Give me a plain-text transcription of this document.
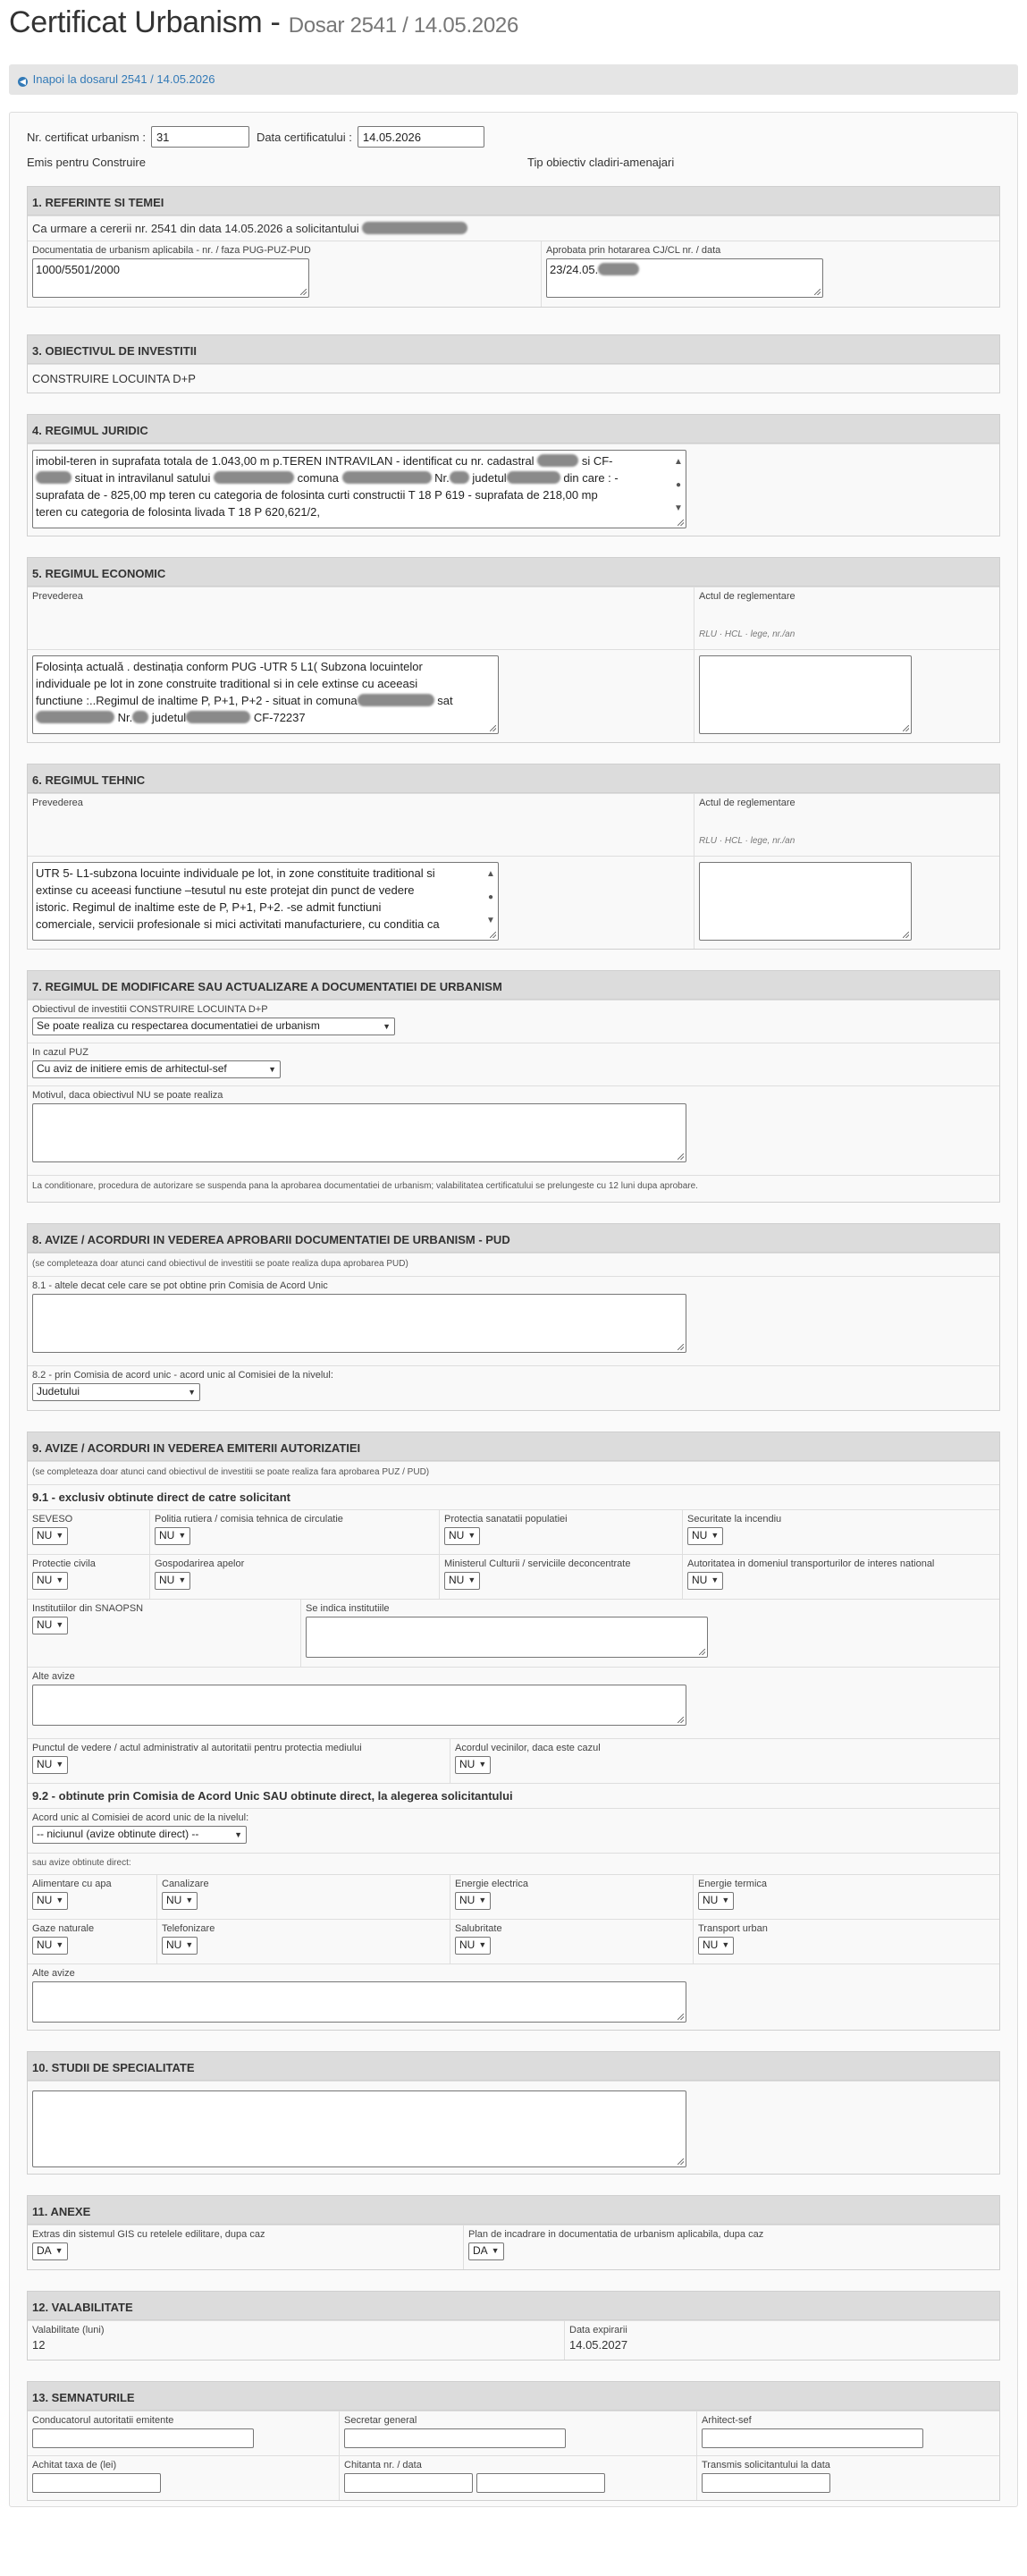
Certificat Urbanism - Dosar 2541 / 14.05.2026
◀ Inapoi la dosarul 2541 / 14.05.2026
Nr. certificat urbanism :
31	Data certificatului :
14.05.2026
Emis pentru Construire	Tip obiectiv cladiri-amenajari
1. REFERINTE SI TEMEI
Ca urmare a cererii nr. 2541 din data 14.05.2026 a solicitantului
Documentatia de urbanism aplicabila - nr. / faza PUG-PUZ-PUD
1000/5501/2000
Aprobata prin hotararea CJ/CL nr. / data
23/24.05.
3. OBIECTIVUL DE INVESTITII
CONSTRUIRE LOCUINTA D+P
4. REGIMUL JURIDIC
imobil-teren in suprafata totala de 1.043,00 m p.TEREN INTRAVILAN - identificat cu nr. cadastral	si CF-
situat in intravilanul satului	comuna	Nr. judetul	din care : -
suprafata de - 825,00 mp teren cu categoria de folosinta curti constructii T 18 P 619 - suprafata de 218,00 mp
teren cu categoria de folosinta livada T 18 P 620,621/2,
▲
●
▼
5. REGIMUL ECONOMIC
Prevederea	Actul de reglementare
RLU · HCL · lege, nr./an
Folosința actuală . destinația conform PUG -UTR 5 L1( Subzona locuintelor
individuale pe lot in zone construite traditional si in cele extinse cu aceeasi
functiune :..Regimul de inaltime P, P+1, P+2 - situat in comuna	sat
Nr. judetul	CF-72237
6. REGIMUL TEHNIC
Prevederea	Actul de reglementare
RLU · HCL · lege, nr./an
UTR 5- L1-subzona locuinte individuale pe lot, in zone constituite traditional si
extinse cu aceeasi functiune –tesutul nu este protejat din punct de vedere
istoric. Regimul de inaltime este de P, P+1, P+2. -se admit functiuni
comerciale, servicii profesionale si mici activitati manufacturiere, cu conditia ca
▲
●
▼
7. REGIMUL DE MODIFICARE SAU ACTUALIZARE A DOCUMENTATIEI DE URBANISM
Obiectivul de investitii CONSTRUIRE LOCUINTA D+P
Se poate realiza cu respectarea documentatiei de urbanism	▼
In cazul PUZ
Cu aviz de initiere emis de arhitectul-sef	▼
Motivul, daca obiectivul NU se poate realiza
La conditionare, procedura de autorizare se suspenda pana la aprobarea documentatiei de urbanism; valabilitatea certificatului se prelungeste cu 12 luni dupa aprobare.
8. AVIZE / ACORDURI IN VEDEREA APROBARII DOCUMENTATIEI DE URBANISM - PUD
(se completeaza doar atunci cand obiectivul de investitii se poate realiza dupa aprobarea PUD)
8.1 - altele decat cele care se pot obtine prin Comisia de Acord Unic
8.2 - prin Comisia de acord unic - acord unic al Comisiei de la nivelul:
Judetului	▼
9. AVIZE / ACORDURI IN VEDEREA EMITERII AUTORIZATIEI
(se completeaza doar atunci cand obiectivul de investitii se poate realiza fara aprobarea PUZ / PUD)
9.1 - exclusiv obtinute direct de catre solicitant
SEVESO
NU ▼
Politia rutiera / comisia tehnica de circulatie
NU ▼
Protectia sanatatii populatiei
NU ▼
Securitate la incendiu
NU ▼
Protectie civila
NU ▼
Gospodarirea apelor
NU ▼
Ministerul Culturii / serviciile deconcentrate
NU ▼
Autoritatea in domeniul transporturilor de interes national
NU ▼
Institutiilor din SNAOPSN
NU ▼
Se indica institutiile
Alte avize
Punctul de vedere / actul administrativ al autoritatii pentru protectia mediului
NU ▼
Acordul vecinilor, daca este cazul
NU ▼
9.2 - obtinute prin Comisia de Acord Unic SAU obtinute direct, la alegerea solicitantului
Acord unic al Comisiei de acord unic de la nivelul:
-- niciunul (avize obtinute direct) --	▼
sau avize obtinute direct:
Alimentare cu apa
NU ▼
Canalizare
NU ▼
Energie electrica
NU ▼
Energie termica
NU ▼
Gaze naturale
NU ▼
Telefonizare
NU ▼
Salubritate
NU ▼
Transport urban
NU ▼
Alte avize
10. STUDII DE SPECIALITATE
11. ANEXE
Extras din sistemul GIS cu retelele edilitare, dupa caz
DA ▼
Plan de incadrare in documentatia de urbanism aplicabila, dupa caz
DA ▼
12. VALABILITATE
Valabilitate (luni)
12
Data expirarii
14.05.2027
13. SEMNATURILE
Conducatorul autoritatii emitente	Secretar general	Arhitect-sef
Achitat taxa de (lei)	Chitanta nr. / data	Transmis solicitantului la data
